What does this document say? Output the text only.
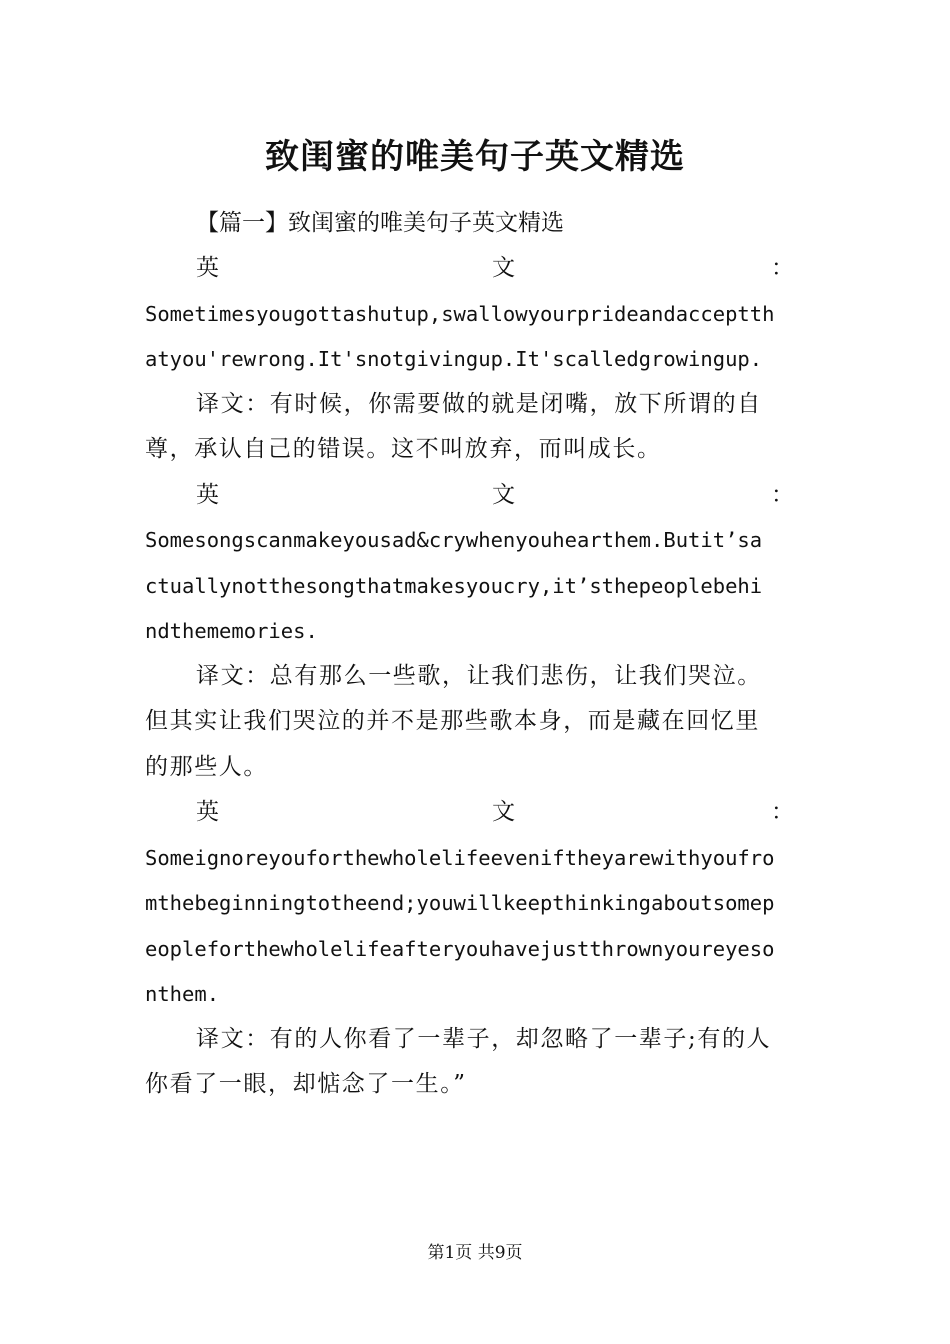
致闺蜜的唯美句子英文精选
【篇一】致闺蜜的唯美句子英文精选
英	文	：
Sometimesyougottashutup,swallowyourprideandacceptth
atyou'rewrong.It'snotgivingup.It'scalledgrowingup.
译文：有时候，你需要做的就是闭嘴，放下所谓的自
尊，承认自己的错误。这不叫放弃，而叫成长。
英	文	：
Somesongscanmakeyousad&crywhenyouhearthem.Butit’sa
ctuallynotthesongthatmakesyoucry,it’sthepeoplebehi
ndthememories.
译文：总有那么一些歌，让我们悲伤，让我们哭泣。
但其实让我们哭泣的并不是那些歌本身，而是藏在回忆里
的那些人。
英	文	：
Someignoreyouforthewholelifeeveniftheyarewithyoufro
mthebeginningtotheend;youwillkeepthinkingaboutsomep
eopleforthewholelifeafteryouhavejustthrownyoureyeso
nthem.
译文：有的人你看了一辈子，却忽略了一辈子;有的人
你看了一眼，却惦念了一生。”
第1页 共9页
